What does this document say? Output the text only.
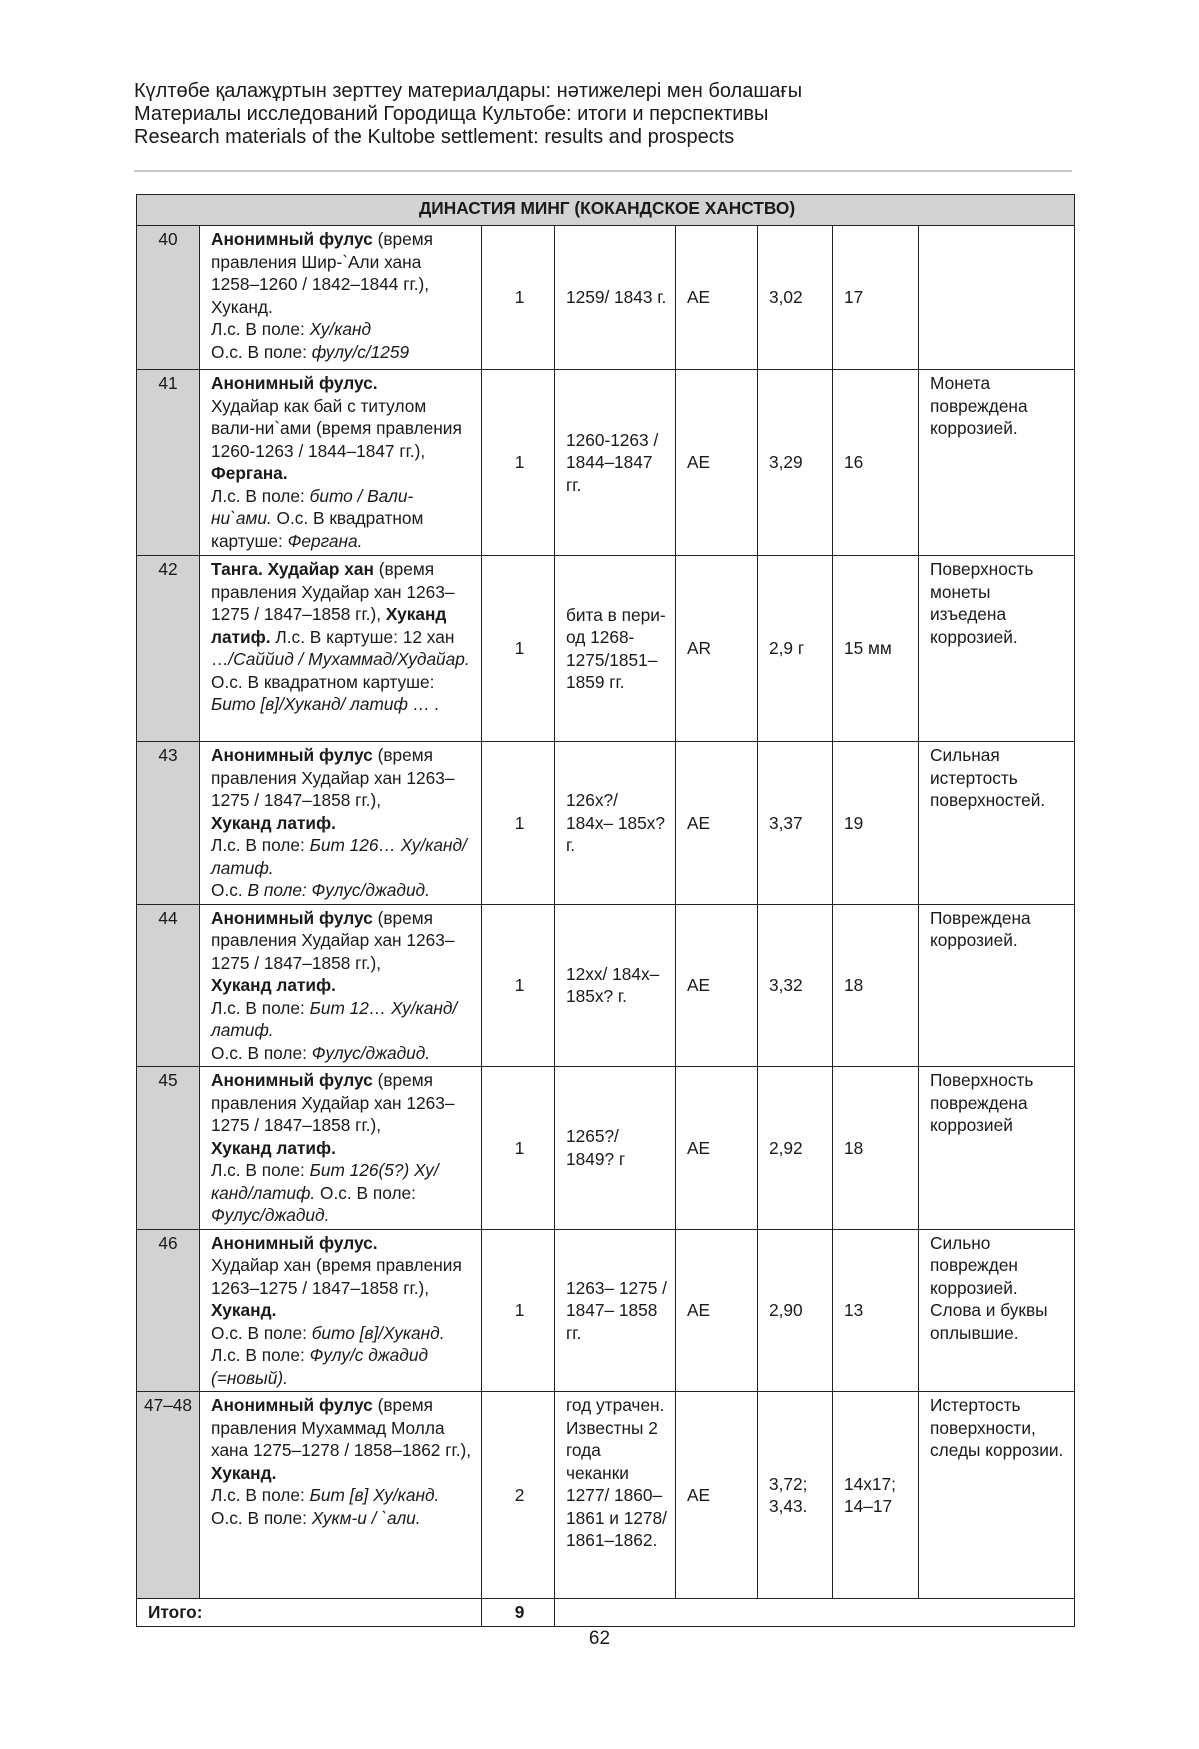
Күлтөбе қалажұртын зерттеу материалдары: нәтижелері мен болашағы
Материалы исследований Городища Культобе: итоги и перспективы
Research materials of the Kultobe settlement: results and prospects
ДИНАСТИЯ МИНГ (КОКАНДСКОЕ ХАНСТВО)							
40	Анонимный фулус (время правления Шир-`Али хана 1258–1260 / 1842–1844 гг.), Хуканд.
Л.с. В поле: Ху/канд
О.с. В поле: фулу/с/1259	1	1259/ 1843 г.	AE	3,02	17	
41	Анонимный фулус.
Худайар как бай с титулом вали-ни`ами (время правления 1260-1263 / 1844–1847 гг.), Фергана.
Л.с. В поле: бито / Вали-ни`ами. О.с. В квадратном картуше: Фергана.	1	1260-1263 / 1844–1847 гг.	AE	3,29	16	Монета повреждена коррозией.
42	Танга. Худайар хан (время правления Худайар хан 1263–1275 / 1847–1858 гг.), Хуканд латиф. Л.с. В картуше: 12 хан …/Саййид / Мухаммад/Худайар. О.с. В квадратном картуше: Бито [в]/Хуканд/ латиф … .	1	бита в пери-од 1268-1275/1851–1859 гг.	AR	2,9 г	15 мм	Поверхность монеты изъедена коррозией.
43	Анонимный фулус (время правления Худайар хан 1263–1275 / 1847–1858 гг.),
Хуканд латиф.
Л.с. В поле: Бит 126… Ху/канд/латиф.
О.с. В поле: Фулус/джадид.	1	126x?/ 184x– 185x? г.	AE	3,37	19	Сильная истертость поверхностей.
44	Анонимный фулус (время правления Худайар хан 1263–1275 / 1847–1858 гг.),
Хуканд латиф.
Л.с. В поле: Бит 12… Ху/канд/латиф.
О.с. В поле: Фулус/джадид.	1	12xx/ 184x– 185x? г.	AE	3,32	18	Повреждена коррозией.
45	Анонимный фулус (время правления Худайар хан 1263–1275 / 1847–1858 гг.),
Хуканд латиф.
Л.с. В поле: Бит 126(5?) Ху/канд/латиф. О.с. В поле: Фулус/джадид.	1	1265?/ 1849? г	AE	2,92	18	Поверхность повреждена коррозией
46	Анонимный фулус.
Худайар хан (время правления 1263–1275 / 1847–1858 гг.), Хуканд.
О.с. В поле: бито [в]/Хуканд. Л.с. В поле: Фулу/с джадид (=новый).	1	1263– 1275 / 1847– 1858 гг.	AE	2,90	13	Сильно поврежден коррозией. Слова и буквы оплывшие.
47–48	Анонимный фулус (время правления Мухаммад Молла хана 1275–1278 / 1858–1862 гг.),
Хуканд.
Л.с. В поле: Бит [в] Ху/канд.
О.с. В поле: Хукм-и / `али.	2	год утрачен. Известны 2 года чеканки 1277/ 1860–1861 и 1278/ 1861–1862.	AE	3,72; 3,43.	14x17; 14–17	Истертость поверхности, следы коррозии.
Итого:		9					
62
